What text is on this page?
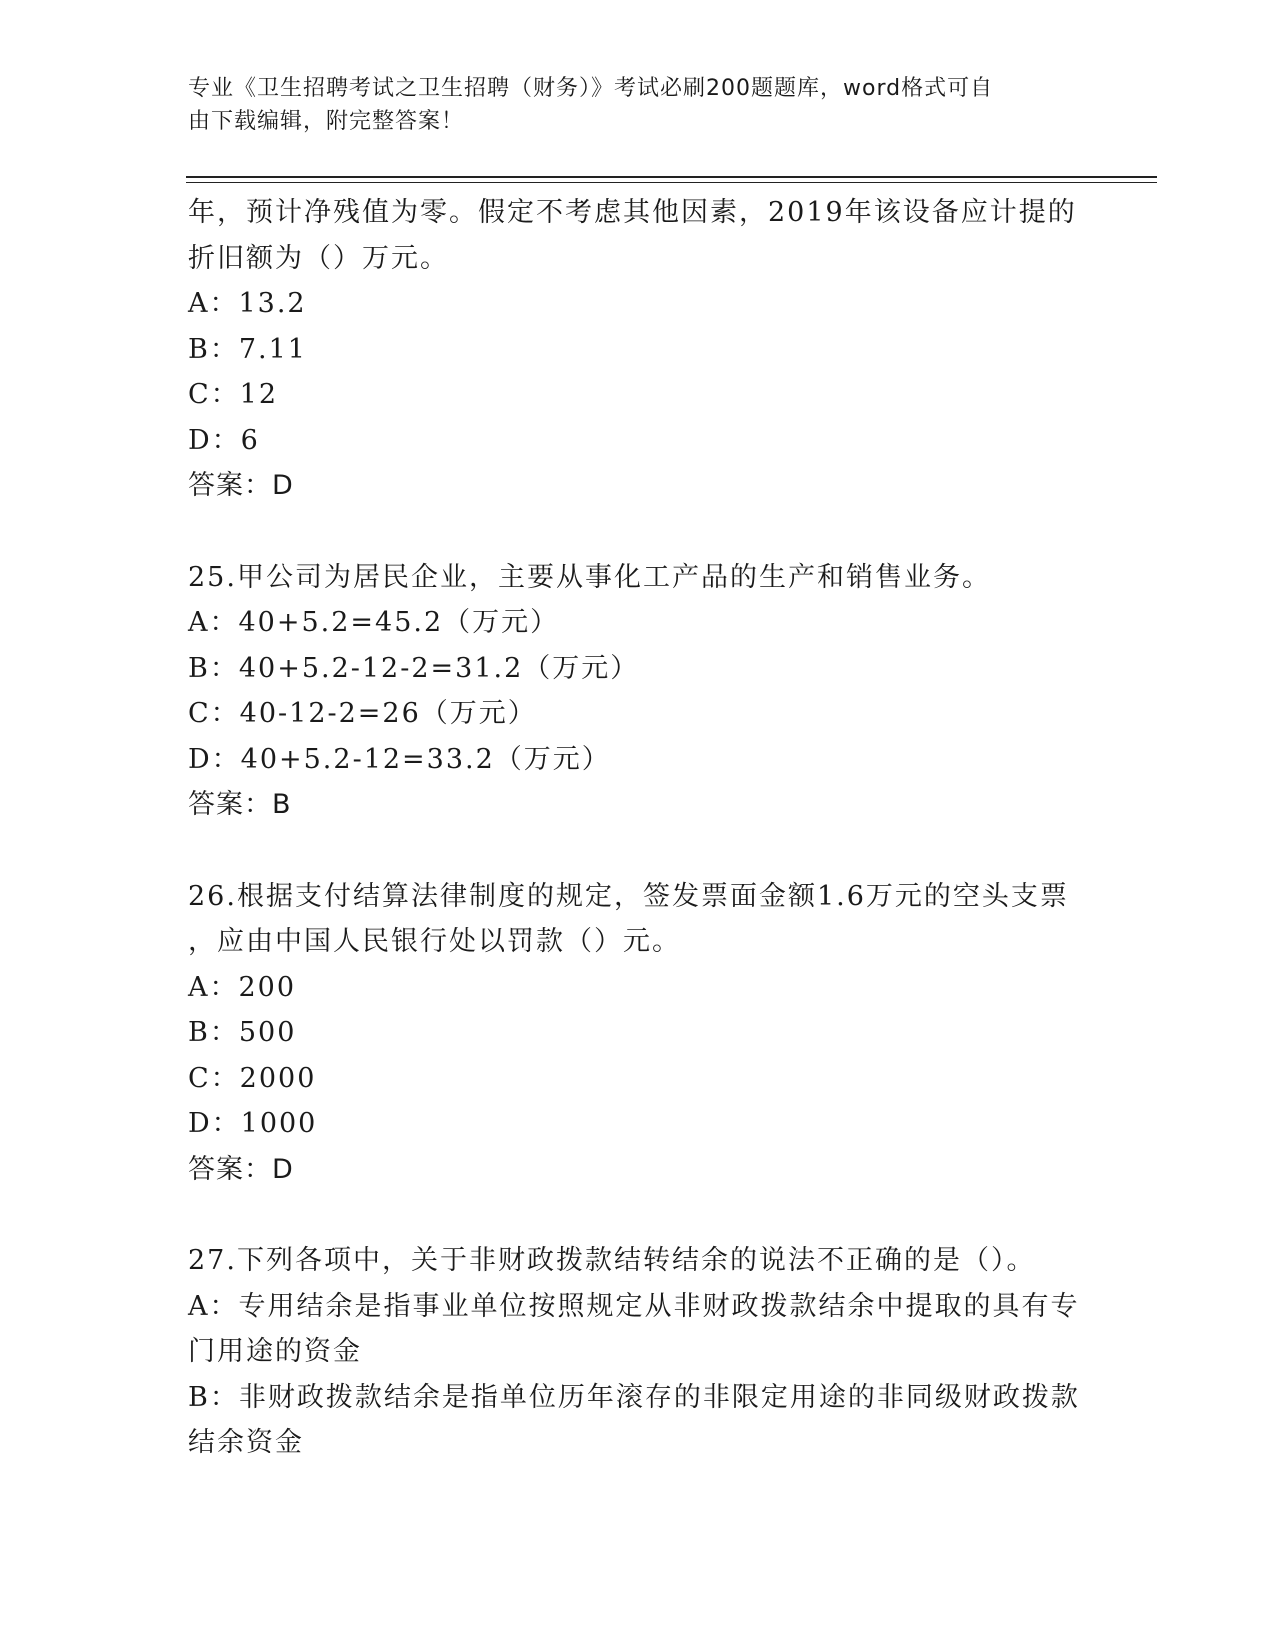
专业《卫生招聘考试之卫生招聘（财务）》考试必刷200题题库，word格式可自
由下载编辑，附完整答案！
年，预计净残值为零。假定不考虑其他因素，2019年该设备应计提的
折旧额为（）万元。
A：13.2
B：7.11
C：12
D：6
答案：D
25.甲公司为居民企业，主要从事化工产品的生产和销售业务。
A：40+5.2=45.2（万元）
B：40+5.2-12-2=31.2（万元）
C：40-12-2=26（万元）
D：40+5.2-12=33.2（万元）
答案：B
26.根据支付结算法律制度的规定，签发票面金额1.6万元的空头支票
，应由中国人民银行处以罚款（）元。
A：200
B：500
C：2000
D：1000
答案：D
27.下列各项中，关于非财政拨款结转结余的说法不正确的是（）。
A：专用结余是指事业单位按照规定从非财政拨款结余中提取的具有专
门用途的资金
B：非财政拨款结余是指单位历年滚存的非限定用途的非同级财政拨款
结余资金
